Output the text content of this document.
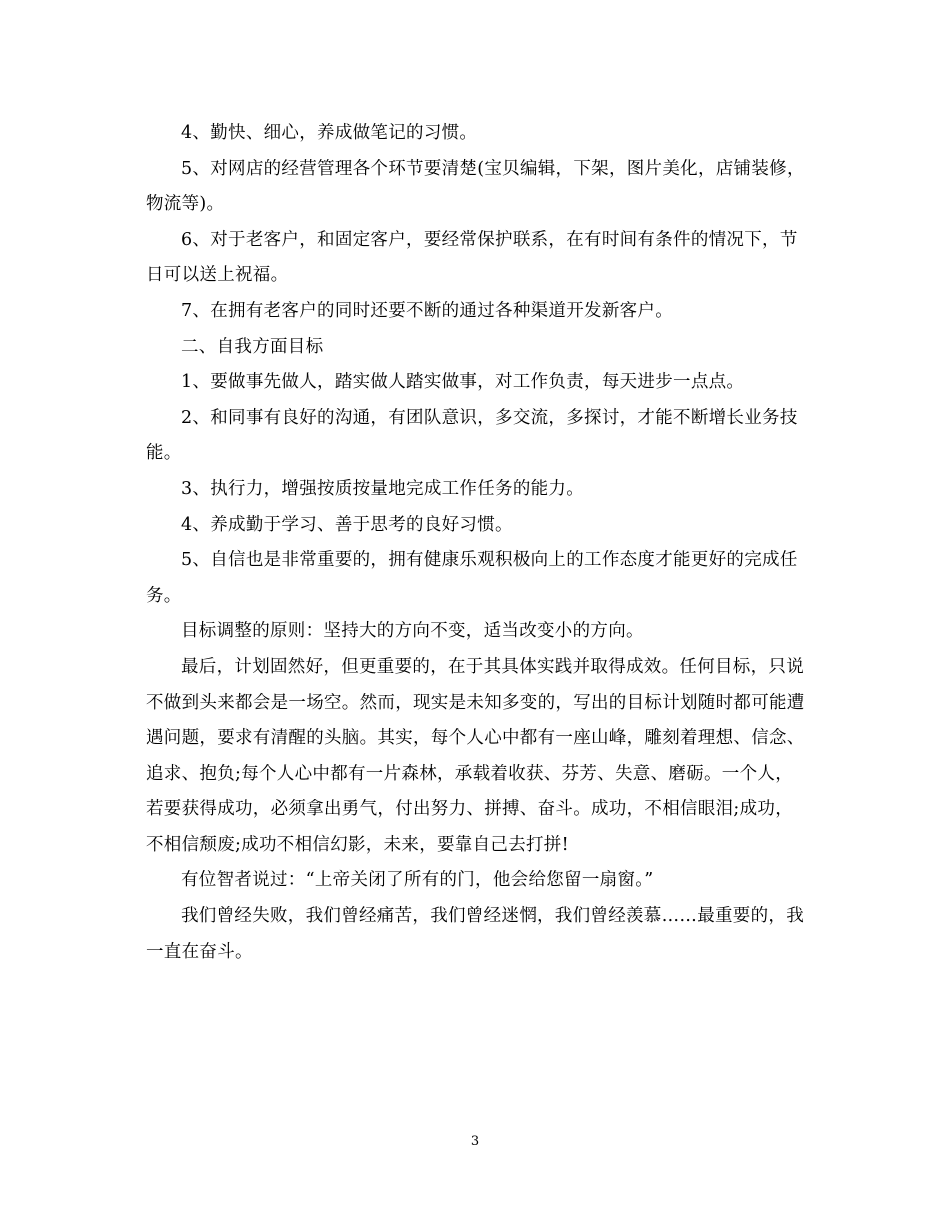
4、勤快、细心，养成做笔记的习惯。

5、对网店的经营管理各个环节要清楚(宝贝编辑，下架，图片美化，店铺装修，物流等)。

6、对于老客户，和固定客户，要经常保护联系，在有时间有条件的情况下，节日可以送上祝福。

7、在拥有老客户的同时还要不断的通过各种渠道开发新客户。

二、自我方面目标

1、要做事先做人，踏实做人踏实做事，对工作负责，每天进步一点点。

2、和同事有良好的沟通，有团队意识，多交流，多探讨，才能不断增长业务技能。

3、执行力，增强按质按量地完成工作任务的能力。

4、养成勤于学习、善于思考的良好习惯。

5、自信也是非常重要的，拥有健康乐观积极向上的工作态度才能更好的完成任务。

目标调整的原则：坚持大的方向不变，适当改变小的方向。

最后，计划固然好，但更重要的，在于其具体实践并取得成效。任何目标，只说不做到头来都会是一场空。然而，现实是未知多变的，写出的目标计划随时都可能遭遇问题，要求有清醒的头脑。其实，每个人心中都有一座山峰，雕刻着理想、信念、追求、抱负;每个人心中都有一片森林，承载着收获、芬芳、失意、磨砺。一个人，若要获得成功，必须拿出勇气，付出努力、拼搏、奋斗。成功，不相信眼泪;成功，不相信颓废;成功不相信幻影，未来，要靠自己去打拼!

有位智者说过：“上帝关闭了所有的门，他会给您留一扇窗。”

我们曾经失败，我们曾经痛苦，我们曾经迷惘，我们曾经羡慕……最重要的，我一直在奋斗。

3
